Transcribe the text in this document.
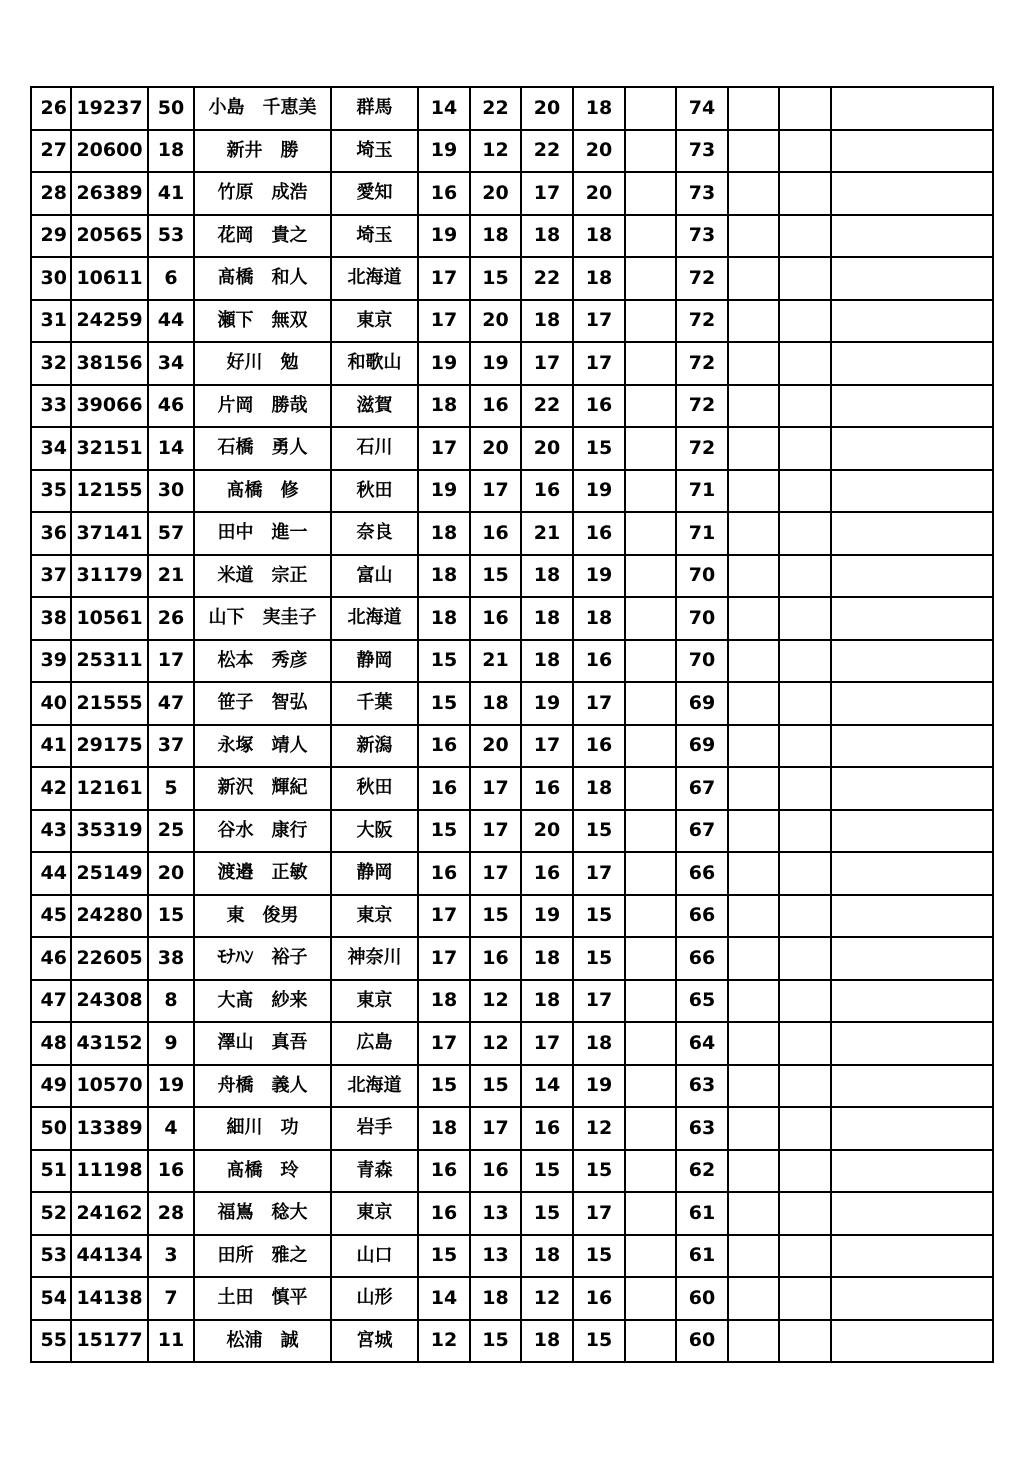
26	19237	50	小島　千恵美	群馬	14	22	20	18		74			
27	20600	18	新井　勝	埼玉	19	12	22	20		73			
28	26389	41	竹原　成浩	愛知	16	20	17	20		73			
29	20565	53	花岡　貴之	埼玉	19	18	18	18		73			
30	10611	6	髙橋　和人	北海道	17	15	22	18		72			
31	24259	44	瀬下　無双	東京	17	20	18	17		72			
32	38156	34	好川　勉	和歌山	19	19	17	17		72			
33	39066	46	片岡　勝哉	滋賀	18	16	22	16		72			
34	32151	14	石橋　勇人	石川	17	20	20	15		72			
35	12155	30	髙橋　修	秋田	19	17	16	19		71			
36	37141	57	田中　進一	奈良	18	16	21	16		71			
37	31179	21	米道　宗正	富山	18	15	18	19		70			
38	10561	26	山下　実圭子	北海道	18	16	18	18		70			
39	25311	17	松本　秀彦	静岡	15	21	18	16		70			
40	21555	47	笹子　智弘	千葉	15	18	19	17		69			
41	29175	37	永塚　靖人	新潟	16	20	17	16		69			
42	12161	5	新沢　輝紀	秋田	16	17	16	18		67			
43	35319	25	谷水　康行	大阪	15	17	20	15		67			
44	25149	20	渡邉　正敏	静岡	16	17	16	17		66			
45	24280	15	東　俊男	東京	17	15	19	15		66			
46	22605	38	ﾓﾅﾊﾝ　裕子	神奈川	17	16	18	15		66			
47	24308	8	大髙　紗来	東京	18	12	18	17		65			
48	43152	9	澤山　真吾	広島	17	12	17	18		64			
49	10570	19	舟橋　義人	北海道	15	15	14	19		63			
50	13389	4	細川　功	岩手	18	17	16	12		63			
51	11198	16	髙橋　玲	青森	16	16	15	15		62			
52	24162	28	福嶌　稔大	東京	16	13	15	17		61			
53	44134	3	田所　雅之	山口	15	13	18	15		61			
54	14138	7	土田　慎平	山形	14	18	12	16		60			
55	15177	11	松浦　誠	宮城	12	15	18	15		60			
